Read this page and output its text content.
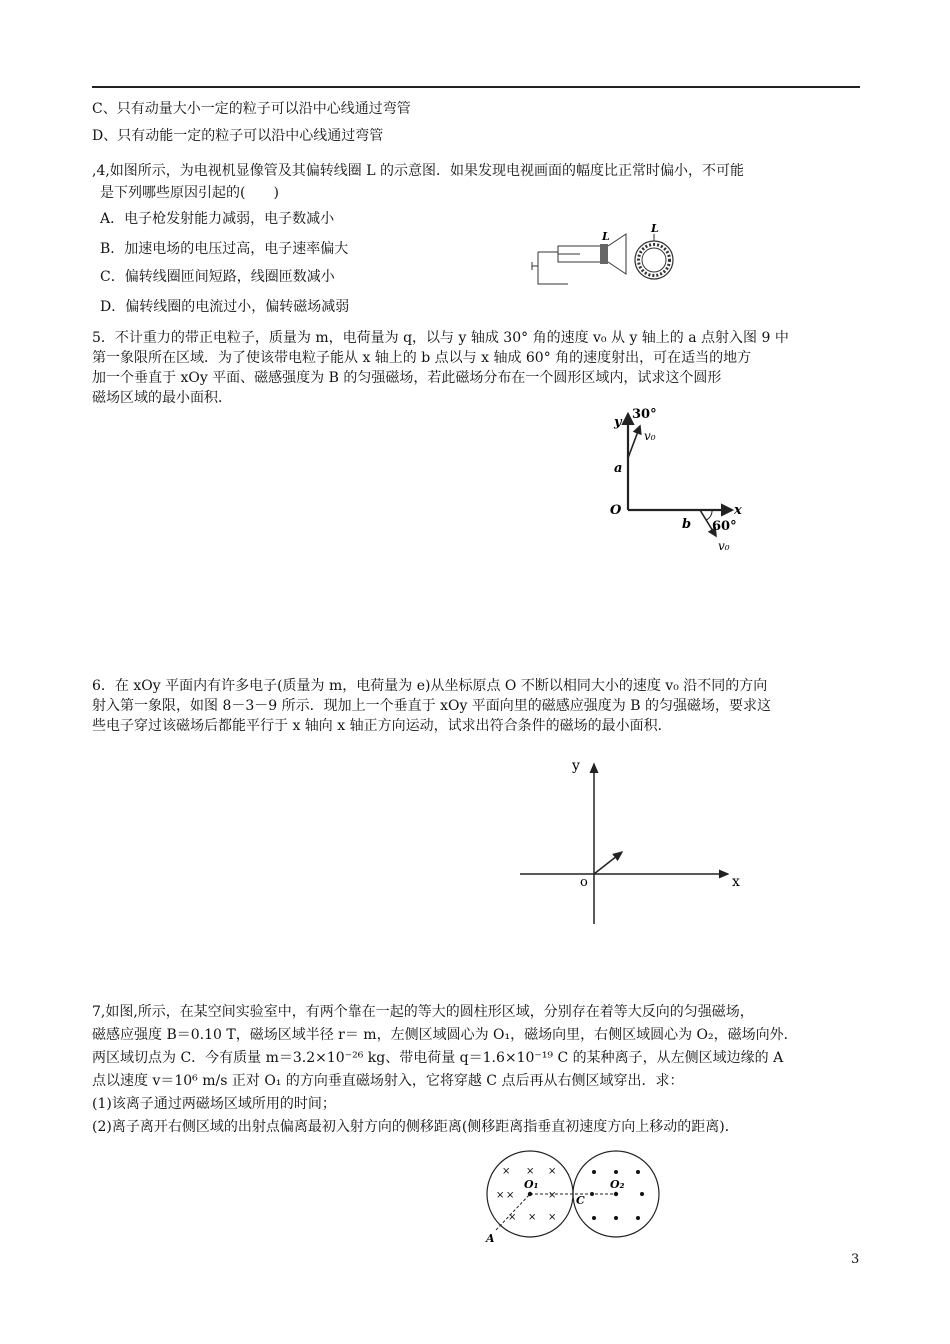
C、只有动量大小一定的粒子可以沿中心线通过弯管
D、只有动能一定的粒子可以沿中心线通过弯管
,4,如图所示，为电视机显像管及其偏转线圈 L 的示意图．如果发现电视画面的幅度比正常时偏小，不可能
是下列哪些原因引起的(　　)
A．电子枪发射能力减弱，电子数减小
B．加速电场的电压过高，电子速率偏大
C．偏转线圈匝间短路，线圈匝数减小
D．偏转线圈的电流过小，偏转磁场减弱
L
L
5．不计重力的带正电粒子，质量为 m，电荷量为 q，以与 y 轴成 30° 角的速度 v₀ 从 y 轴上的 a 点射入图 9 中
第一象限所在区域．为了使该带电粒子能从 x 轴上的 b 点以与 x 轴成 60° 角的速度射出，可在适当的地方
加一个垂直于 xOy 平面、磁感强度为 B 的匀强磁场，若此磁场分布在一个圆形区域内，试求这个圆形
磁场区域的最小面积．
y
x
O
30°
v₀
a
b 60°
v₀
6．在 xOy 平面内有许多电子(质量为 m，电荷量为 e)从坐标原点 O 不断以相同大小的速度 v₀ 沿不同的方向
射入第一象限，如图 8－3－9 所示．现加上一个垂直于 xOy 平面向里的磁感应强度为 B 的匀强磁场，要求这
些电子穿过该磁场后都能平行于 x 轴向 x 轴正方向运动，试求出符合条件的磁场的最小面积．
y
x
o
7,如图,所示，在某空间实验室中，有两个靠在一起的等大的圆柱形区域，分别存在着等大反向的匀强磁场，
磁感应强度 B＝0.10 T，磁场区域半径 r＝ m，左侧区域圆心为 O₁，磁场向里，右侧区域圆心为 O₂，磁场向外．
两区域切点为 C．今有质量 m＝3.2×10⁻²⁶ kg、带电荷量 q＝1.6×10⁻¹⁹ C 的某种离子，从左侧区域边缘的 A
点以速度 v＝10⁶ m/s 正对 O₁ 的方向垂直磁场射入，它将穿越 C 点后再从右侧区域穿出．求：
(1)该离子通过两磁场区域所用的时间；
(2)离子离开右侧区域的出射点偏离最初入射方向的侧移距离(侧移距离指垂直初速度方向上移动的距离)．
× × ×
× ×	×
× × ×
O₁	O₂
C
A
3
